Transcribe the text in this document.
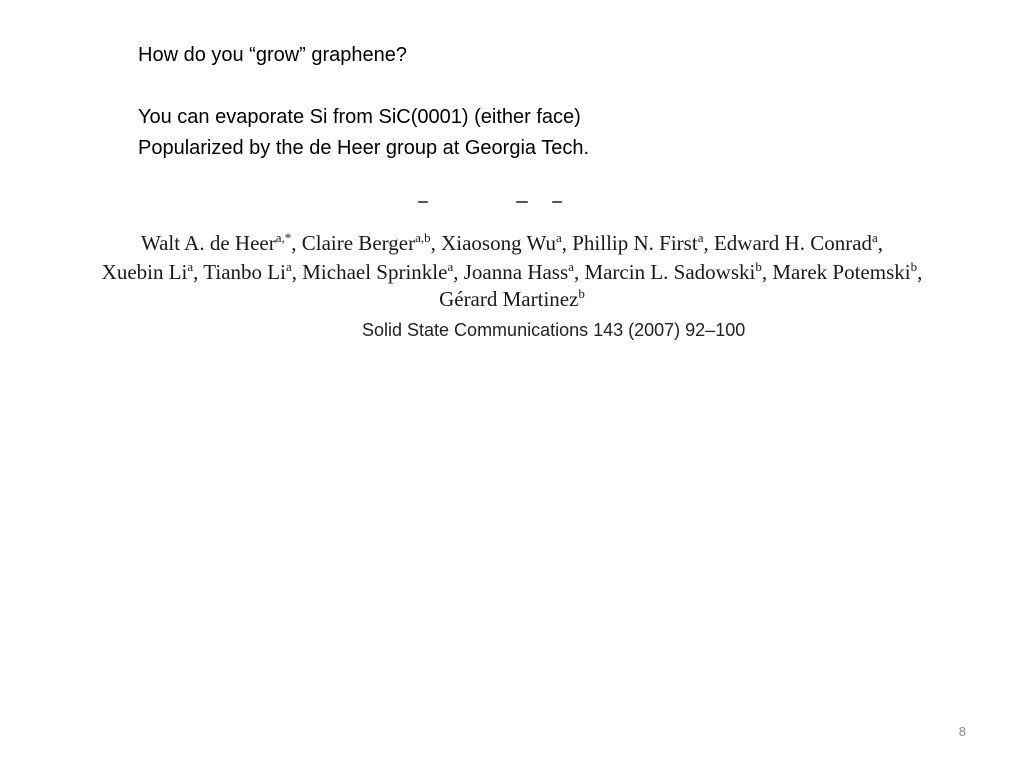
How do you “grow” graphene?
You can evaporate Si from SiC(0001) (either face)
Popularized by the de Heer group at Georgia Tech.
Walt A. de Heer$^{a,*}$, Claire Berger$^{a,b}$, Xiaosong Wu$^a$, Phillip N. First$^a$, Edward H. Conrad$^a$,
Xuebin Li$^a$, Tianbo Li$^a$, Michael Sprinkle$^a$, Joanna Hass$^a$, Marcin L. Sadowski$^b$, Marek Potemski$^b$,
Gérard Martinez$^b$
Solid State Communications 143 (2007) 92–100
8
